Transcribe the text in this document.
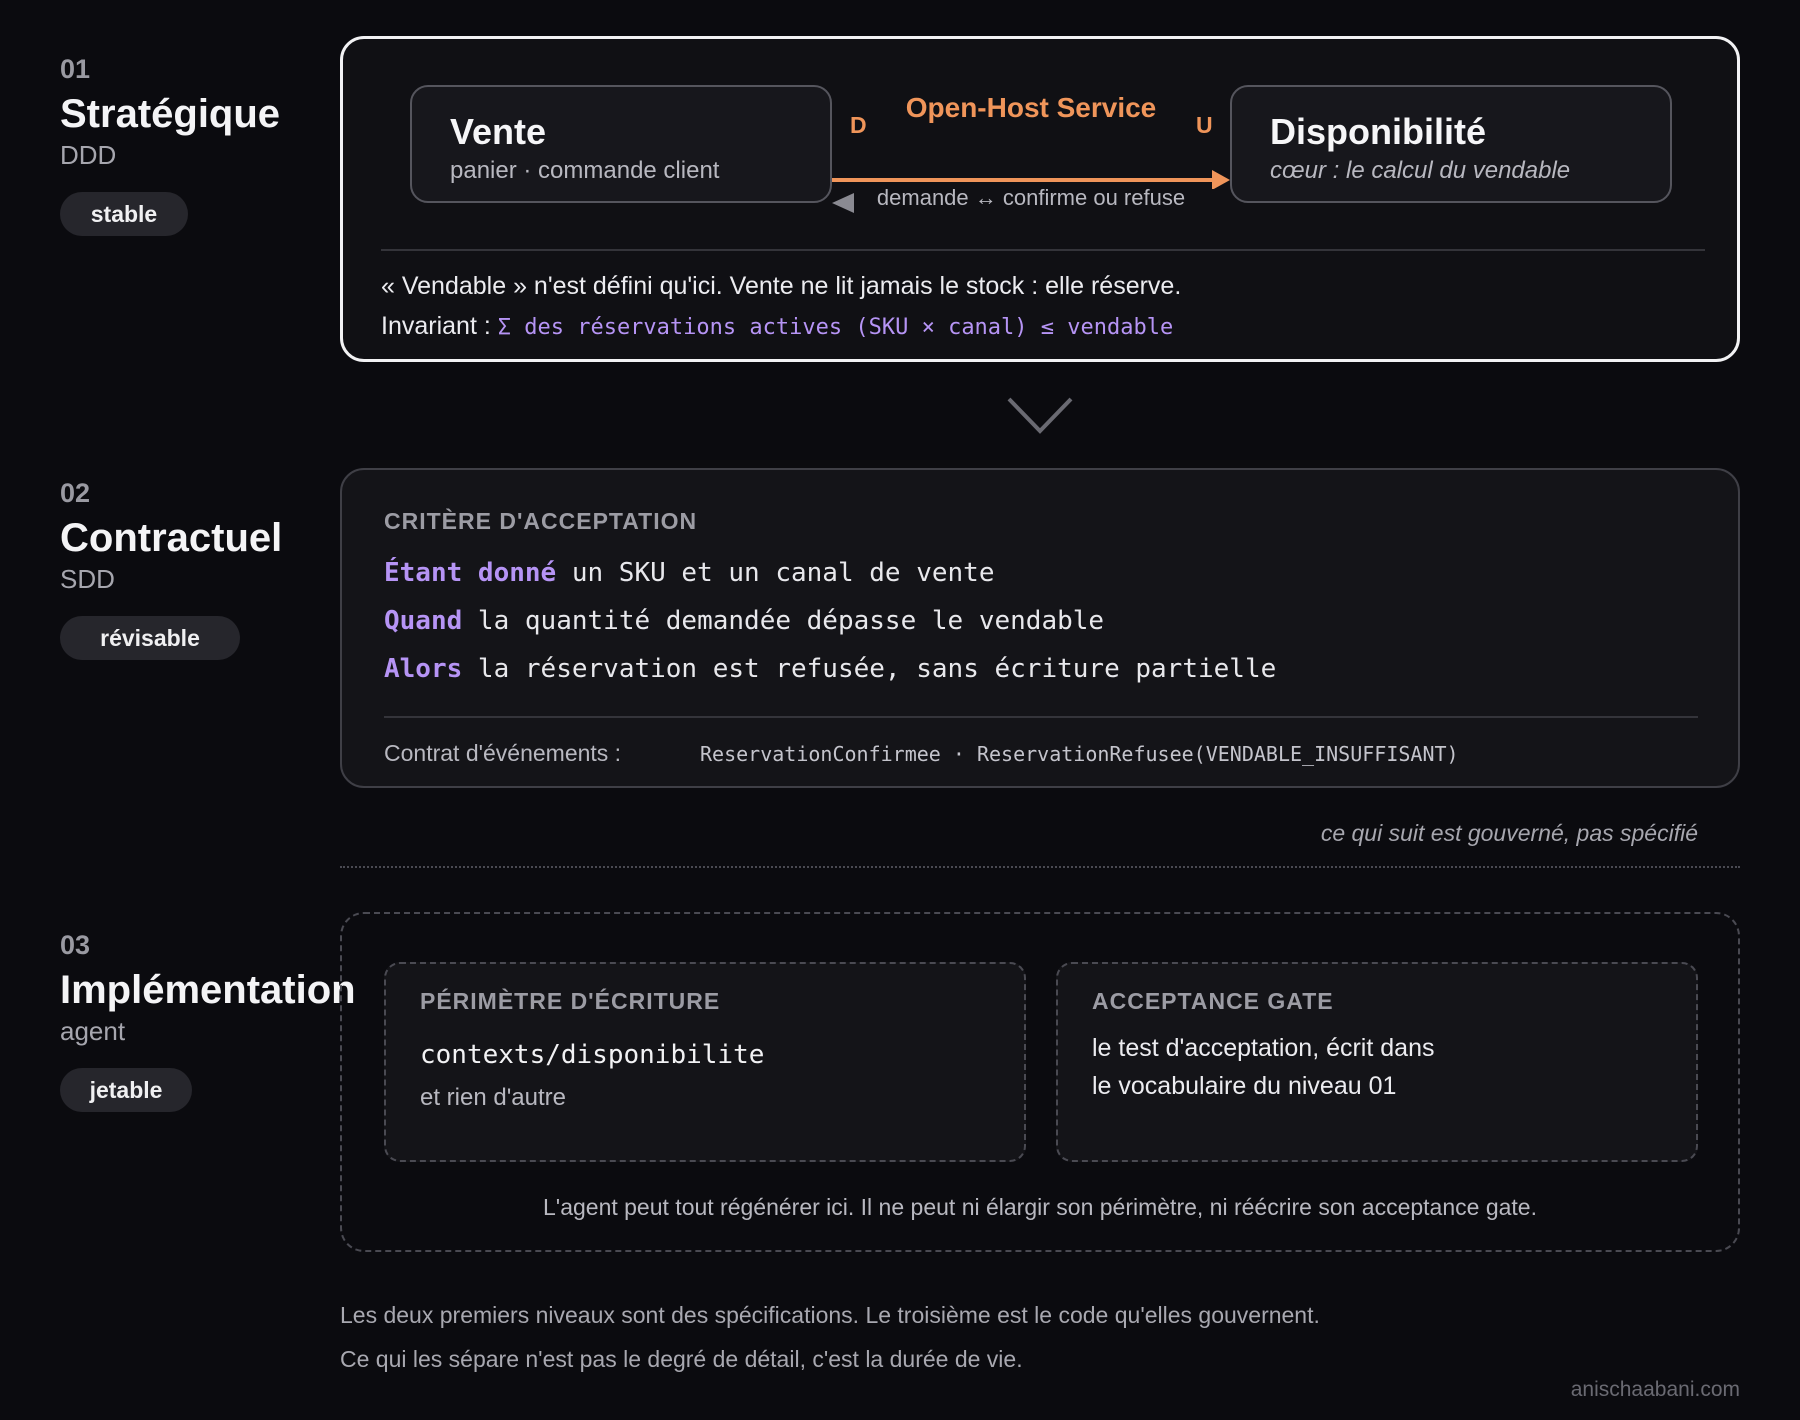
01
Stratégique
DDD
stable
Vente
panier · commande client
Disponibilité
cœur : le calcul du vendable
Open-Host Service
D	U
demande ↔ confirme ou refuse
« Vendable » n'est défini qu'ici. Vente ne lit jamais le stock : elle réserve.
Invariant : Σ des réservations actives (SKU × canal) ≤ vendable
02
Contractuel
SDD
révisable
CRITÈRE D'ACCEPTATION
Étant donné un SKU et un canal de vente
Quand la quantité demandée dépasse le vendable
Alors la réservation est refusée, sans écriture partielle
Contrat d'événements :	ReservationConfirmee · ReservationRefusee(VENDABLE_INSUFFISANT)
ce qui suit est gouverné, pas spécifié
03
Implémentation
agent
jetable
PÉRIMÈTRE D'ÉCRITURE
contexts/disponibilite
et rien d'autre
ACCEPTANCE GATE
le test d'acceptation, écrit dans
le vocabulaire du niveau 01
L'agent peut tout régénérer ici. Il ne peut ni élargir son périmètre, ni réécrire son acceptance gate.
Les deux premiers niveaux sont des spécifications. Le troisième est le code qu'elles gouvernent.
Ce qui les sépare n'est pas le degré de détail, c'est la durée de vie.
anischaabani.com
